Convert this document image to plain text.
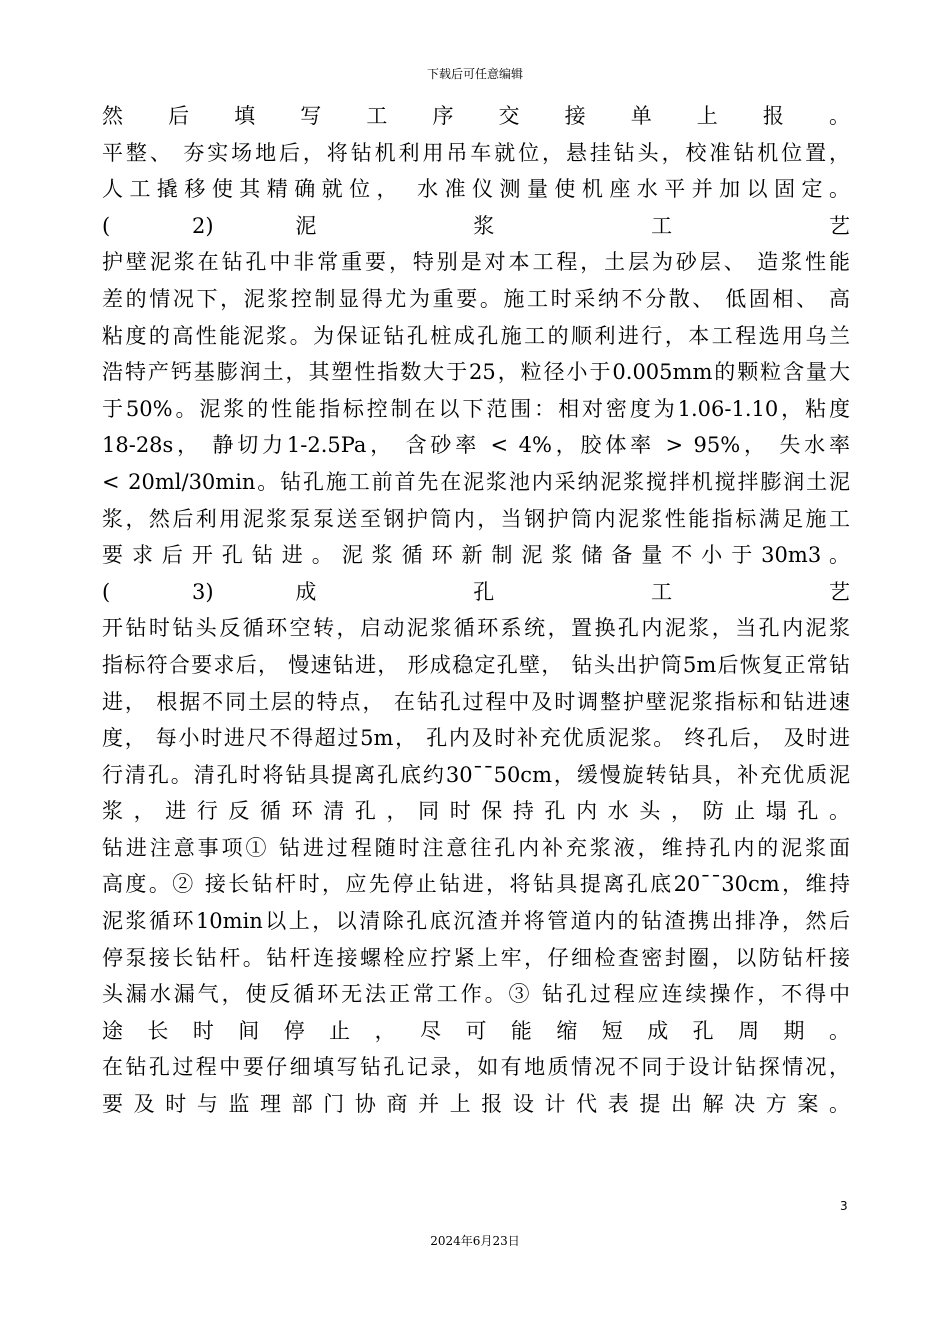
下载后可任意编辑
然 后 填 写 工 序 交 接 单 上 报 。
平整、 夯实场地后，将钻机利用吊车就位，悬挂钻头，校准钻机位置，
人工撬移使其精确就位， 水准仪测量使机座水平并加以固定。
( 2) 泥 浆 工 艺
护壁泥浆在钻孔中非常重要，特别是对本工程，土层为砂层、 造浆性能
差的情况下，泥浆控制显得尤为重要。施工时采纳不分散、 低固相、 高
粘度的高性能泥浆。为保证钻孔桩成孔施工的顺利进行，本工程选用乌兰
浩特产钙基膨润土，其塑性指数大于25，粒径小于0.005mm的颗粒含量大
于50%。泥浆的性能指标控制在以下范围：相对密度为1.06-1.10，粘度
18-28s， 静切力1-2.5Pa， 含砂率 < 4%，胶体率 > 95%， 失水率
< 20ml/30min。钻孔施工前首先在泥浆池内采纳泥浆搅拌机搅拌膨润土泥
浆，然后利用泥浆泵泵送至钢护筒内，当钢护筒内泥浆性能指标满足施工
要 求 后 开 孔 钻 进 。 泥 浆 循 环 新 制 泥 浆 储 备 量 不 小 于 30m3 。
( 3) 成 孔 工 艺
开钻时钻头反循环空转，启动泥浆循环系统，置换孔内泥浆，当孔内泥浆
指标符合要求后， 慢速钻进， 形成稳定孔壁， 钻头出护筒5m后恢复正常钻
进， 根据不同土层的特点， 在钻孔过程中及时调整护壁泥浆指标和钻进速
度， 每小时进尺不得超过5m， 孔内及时补充优质泥浆。 终孔后， 及时进
行清孔。清孔时将钻具提离孔底约30¯¯50cm，缓慢旋转钻具，补充优质泥
浆 ， 进 行 反 循 环 清 孔 ， 同 时 保 持 孔 内 水 头 ， 防 止 塌 孔 。
钻进注意事项① 钻进过程随时注意往孔内补充浆液，维持孔内的泥浆面
高度。② 接长钻杆时，应先停止钻进，将钻具提离孔底20¯¯30cm，维持
泥浆循环10min以上，以清除孔底沉渣并将管道内的钻渣携出排净，然后
停泵接长钻杆。钻杆连接螺栓应拧紧上牢，仔细检查密封圈，以防钻杆接
头漏水漏气，使反循环无法正常工作。③ 钻孔过程应连续操作，不得中
途 长 时 间 停 止 ， 尽 可 能 缩 短 成 孔 周 期 。
在钻孔过程中要仔细填写钻孔记录，如有地质情况不同于设计钻探情况，
要 及 时 与 监 理 部 门 协 商 并 上 报 设 计 代 表 提 出 解 决 方 案 。
3
2024年6月23日
